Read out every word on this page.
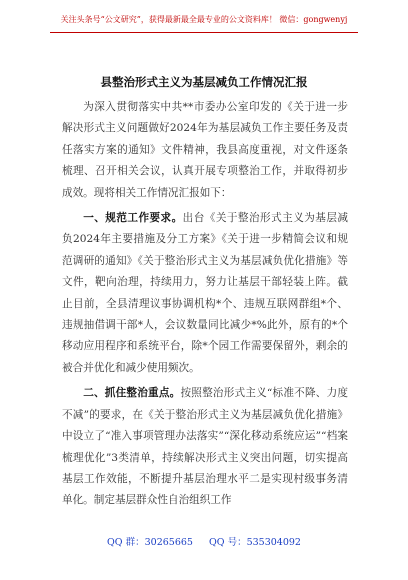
关注头条号“公文研究”，获得最新最全最专业的公文资料库！ 微信：gongwenyj
县整治形式主义为基层减负工作情况汇报

为深入贯彻落实中共**市委办公室印发的《关于进一步解决形式主义问题做好2024年为基层减负工作主要任务及责任落实方案的通知》文件精神，我县高度重视，对文件逐条梳理、召开相关会议，认真开展专项整治工作，并取得初步成效。现将相关工作情况汇报如下：

一、规范工作要求。出台《关于整治形式主义为基层减负2024年主要措施及分工方案》《关于进一步精简会议和规范调研的通知》《关于整治形式主义为基层减负优化措施》等文件，靶向治理，持续用力，努力让基层干部轻装上阵。截止目前，全县清理议事协调机构*个、违规互联网群组*个、违规抽借调干部*人，会议数量同比减少*%此外，原有的*个移动应用程序和系统平台，除*个园工作需要保留外，剩余的被合并优化和减少使用频次。

二、抓住整治重点。按照整治形式主义“标准不降、力度不减”的要求，在《关于整治形式主义为基层减负优化措施》中设立了“准入事项管理办法落实”“深化移动系统应运”“档案梳理优化”3类清单，持续解决形式主义突出问题，切实提高基层工作效能，不断提升基层治理水平二是实现村级事务清单化。制定基层群众性自治组织工作

QQ 群：30265665 QQ 号：535304092
